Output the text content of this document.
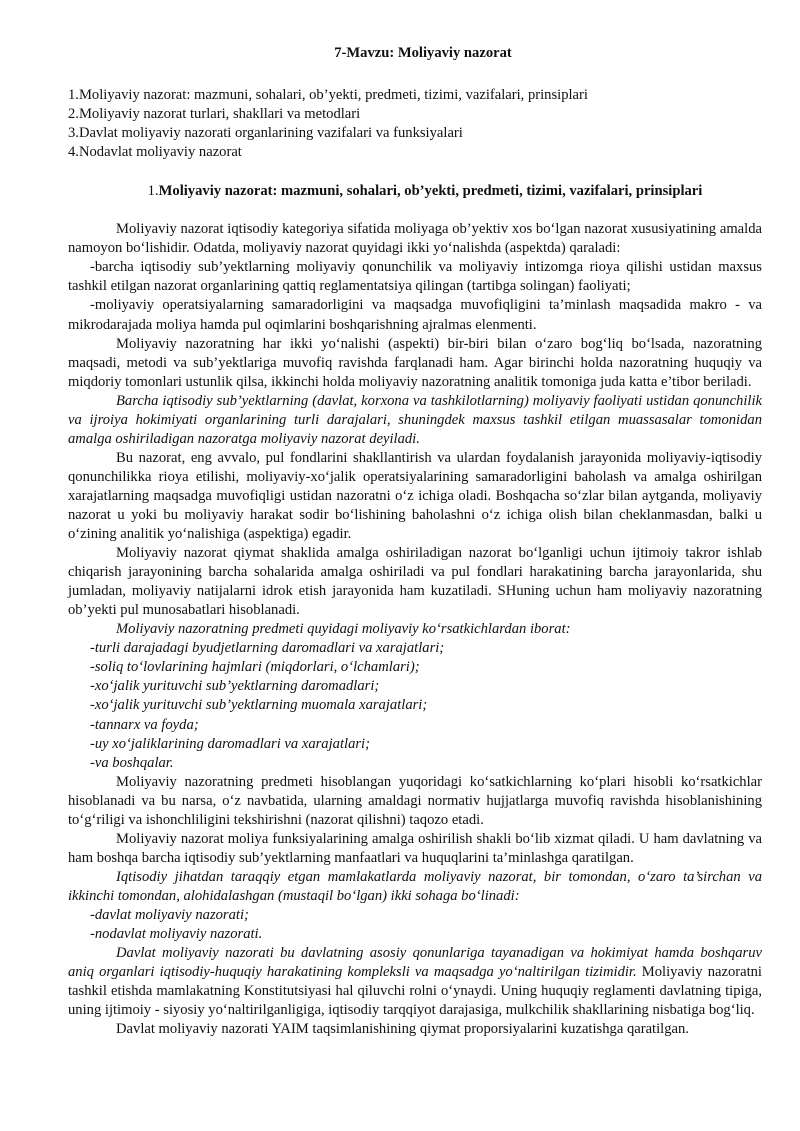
7-Mavzu: Moliyaviy nazorat
1.Moliyaviy nazorat: mazmuni, sohalari, ob’yekti, predmeti, tizimi, vazifalari, prinsiplari
2.Moliyaviy nazorat turlari, shakllari va metodlari
3.Davlat moliyaviy nazorati organlarining vazifalari va funksiyalari
4.Nodavlat moliyaviy nazorat
1.Moliyaviy nazorat: mazmuni, sohalari, ob’yekti, predmeti, tizimi, vazifalari, prinsiplari
Moliyaviy nazorat iqtisodiy kategoriya sifatida moliyaga ob’yektiv xos bo‘lgan nazorat xususiyatining amalda namoyon bo‘lishidir. Odatda, moliyaviy nazorat quyidagi ikki yo‘nalishda (aspektda) qaraladi:
-barcha iqtisodiy sub’yektlarning moliyaviy qonunchilik va moliyaviy intizomga rioya qilishi ustidan maxsus tashkil etilgan nazorat organlarining qattiq reglamentatsiya qilingan (tartibga solingan) faoliyati;
-moliyaviy operatsiyalarning samaradorligini va maqsadga muvofiqligini ta’minlash maqsadida makro - va mikrodarajada moliya hamda pul oqimlarini boshqarishning ajralmas elenmenti.
Moliyaviy nazoratning har ikki yo‘nalishi (aspekti) bir-biri bilan o‘zaro bog‘liq bo‘lsada, nazoratning maqsadi, metodi va sub’yektlariga muvofiq ravishda farqlanadi ham. Agar birinchi holda nazoratning huquqiy va miqdoriy tomonlari ustunlik qilsa, ikkinchi holda moliyaviy nazoratning analitik tomoniga juda katta e’tibor beriladi.
Barcha iqtisodiy sub’yektlarning (davlat, korxona va tashkilotlarning) moliyaviy faoliyati ustidan qonunchilik va ijroiya hokimiyati organlarining turli darajalari, shuningdek maxsus tashkil etilgan muassasalar tomonidan amalga oshiriladigan nazoratga moliyaviy nazorat deyiladi.
Bu nazorat, eng avvalo, pul fondlarini shakllantirish va ulardan foydalanish jarayonida moliyaviy-iqtisodiy qonunchilikka rioya etilishi, moliyaviy-xo‘jalik operatsiyalarining samaradorligini baholash va amalga oshirilgan xarajatlarning maqsadga muvofiqligi ustidan nazoratni o‘z ichiga oladi. Boshqacha so‘zlar bilan aytganda, moliyaviy nazorat u yoki bu moliyaviy harakat sodir bo‘lishining baholashni o‘z ichiga olish bilan cheklanmasdan, balki u o‘zining analitik yo‘nalishiga (aspektiga) egadir.
Moliyaviy nazorat qiymat shaklida amalga oshiriladigan nazorat bo‘lganligi uchun ijtimoiy takror ishlab chiqarish jarayonining barcha sohalarida amalga oshiriladi va pul fondlari harakatining barcha jarayonlarida, shu jumladan, moliyaviy natijalarni idrok etish jarayonida ham kuzatiladi. SHuning uchun ham moliyaviy nazoratning ob’yekti pul munosabatlari hisoblanadi.
Moliyaviy nazoratning predmeti quyidagi moliyaviy ko‘rsatkichlardan iborat:
-turli darajadagi byudjetlarning daromadlari va xarajatlari;
-soliq to‘lovlarining hajmlari (miqdorlari, o‘lchamlari);
-xo‘jalik yurituvchi sub’yektlarning daromadlari;
-xo‘jalik yurituvchi sub’yektlarning muomala xarajatlari;
-tannarx va foyda;
-uy xo‘jaliklarining daromadlari va xarajatlari;
-va boshqalar.
Moliyaviy nazoratning predmeti hisoblangan yuqoridagi ko‘satkichlarning ko‘plari hisobli ko‘rsatkichlar hisoblanadi va bu narsa, o‘z navbatida, ularning amaldagi normativ hujjatlarga muvofiq ravishda hisoblanishining to‘g‘riligi va ishonchliligini tekshirishni (nazorat qilishni) taqozo etadi.
Moliyaviy nazorat moliya funksiyalarining amalga oshirilish shakli bo‘lib xizmat qiladi. U ham davlatning va ham boshqa barcha iqtisodiy sub’yektlarning manfaatlari va huquqlarini ta’minlashga qaratilgan.
Iqtisodiy jihatdan taraqqiy etgan mamlakatlarda moliyaviy nazorat, bir tomondan, o‘zaro ta’sirchan va ikkinchi tomondan, alohidalashgan (mustaqil bo‘lgan) ikki sohaga bo‘linadi:
-davlat moliyaviy nazorati;
-nodavlat moliyaviy nazorati.
Davlat moliyaviy nazorati bu davlatning asosiy qonunlariga tayanadigan va hokimiyat hamda boshqaruv aniq organlari iqtisodiy-huquqiy harakatining kompleksli va maqsadga yo‘naltirilgan tizimidir. Moliyaviy nazoratni tashkil etishda mamlakatning Konstitutsiyasi hal qiluvchi rolni o‘ynaydi. Uning huquqiy reglamenti davlatning tipiga, uning ijtimoiy - siyosiy yo‘naltirilganligiga, iqtisodiy tarqqiyot darajasiga, mulkchilik shakllarining nisbatiga bog‘liq.
Davlat moliyaviy nazorati YAIM taqsimlanishining qiymat proporsiyalarini kuzatishga qaratilgan.
